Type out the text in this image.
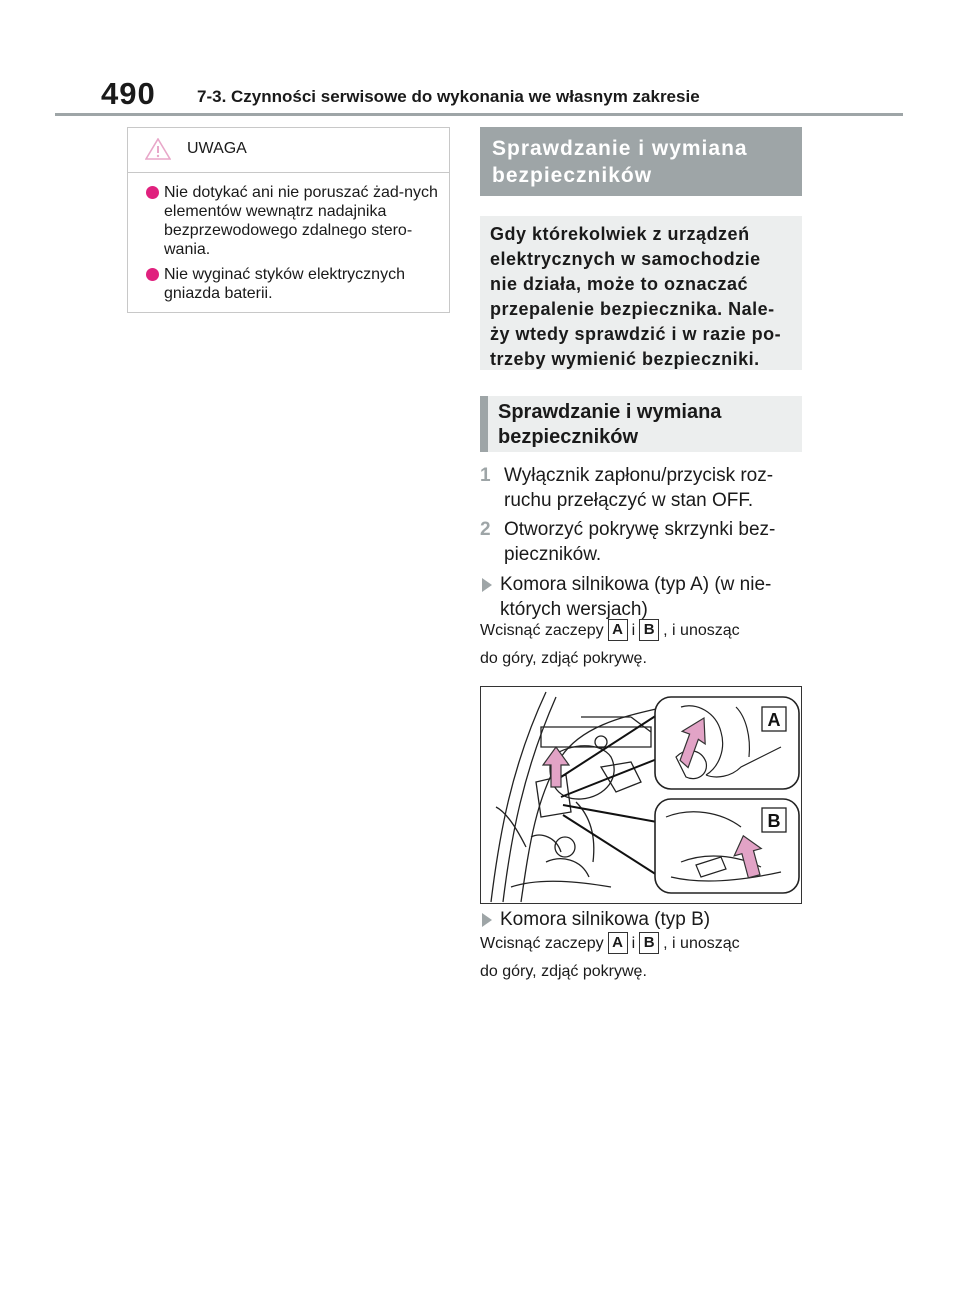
490 7-3. Czynności serwisowe do wykonania we własnym zakresie
UWAGA
Nie dotykać ani nie poruszać żad-nych elementów wewnątrz nadajnika bezprzewodowego zdalnego stero-wania.
Nie wyginać styków elektrycznych gniazda baterii.
Sprawdzanie i wymiana bezpieczników
Gdy którekolwiek z urządzeń elektrycznych w samochodzie nie działa, może to oznaczać przepalenie bezpiecznika. Nale-ży wtedy sprawdzić i w razie po-trzeby wymienić bezpieczniki.
Sprawdzanie i wymiana bezpieczników
1 Wyłącznik zapłonu/przycisk roz-ruchu przełączyć w stan OFF.
2 Otworzyć pokrywę skrzynki bez-pieczników.
Komora silnikowa (typ A) (w nie-których wersjach)
Wcisnąć zaczepy A i B , i unosząc
do góry, zdjąć pokrywę.
A
B
Komora silnikowa (typ B)
Wcisnąć zaczepy A i B , i unosząc
do góry, zdjąć pokrywę.
